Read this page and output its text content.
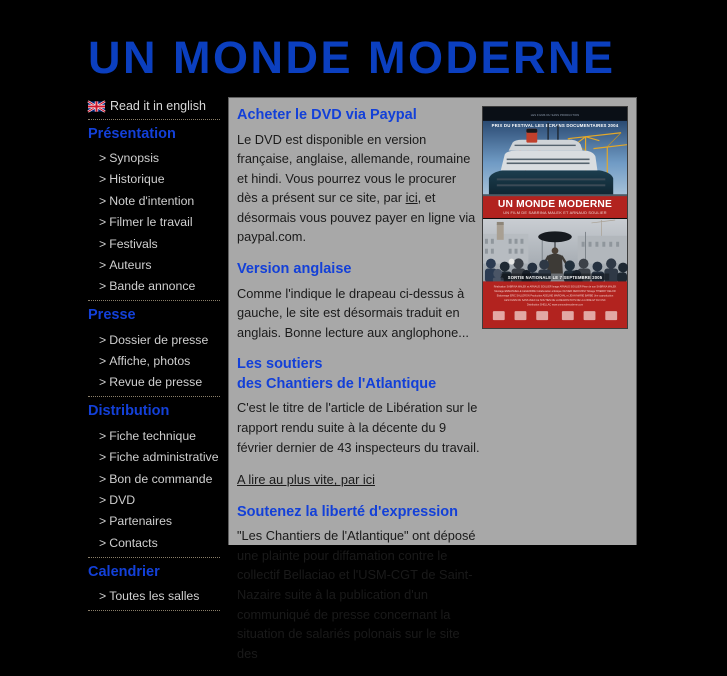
UN MONDE MODERNE
Read it in english
Présentation
> Synopsis
> Historique
> Note d'intention
> Filmer le travail
> Festivals
> Auteurs
> Bande annonce
Presse
> Dossier de presse
> Affiche, photos
> Revue de presse
Distribution
> Fiche technique
> Fiche administrative
> Bon de commande
> DVD
> Partenaires
> Contacts
Calendrier
> Toutes les salles
Acheter le DVD via Paypal

Le DVD est disponible en version française, anglaise, allemande, roumaine et hindi. Vous pourrez vous le procurer dès a présent sur ce site, par ici, et désormais vous pouvez payer en ligne via paypal.com.

Version anglaise

Comme l'indique le drapeau ci-dessus à gauche, le site est désormais traduit en anglais. Bonne lecture aux anglophone...

Les soutiers
des Chantiers de l'Atlantique

C'est le titre de l'article de Libération sur le rapport rendu suite à la décente du 9 février dernier de 43 inspecteurs du travail.

A lire au plus vite, par ici
Soutenez la liberté d'expression

"Les Chantiers de l'Atlantique" ont déposé une plainte pour diffamation contre le collectif Bellaciao et l'USM-CGT de Saint-Nazaire suite à la publication d'un communiqué de presse concernant la situation de salariés polonais sur le site des

PRIX DU FESTIVAL LES ECRANS DOCUMENTAIRES 2004
LES FILMS DU SANS PRODUCTION
UN MONDE MODERNE
UN FILM DE SABRINA MALEK ET ARNAUD SOULIER
SORTIE NATIONALE LE 7 SEPTEMBRE 2005
Réalisation SABRINA MALEK et ARNAUD SOULIER Image ARNAUD SOULIER Prise de son SABRINA MALEK
Montage EMMANUELLE LEGENDRE Collaboration artistique OLIVIER DEROUSSY Mixage THIERRY DELOR
Etalonnage ERIC SALLERON Production ADELINE MARCHAL et JEAN-MARIE BARBE Une coproduction
LES FILMS DU SANS AVEC LE SOUTIEN DE LA REGION PAYS DE LA LOIRE ET DU CNC
Distribution SHELLAC www.unmondemoderne.com
